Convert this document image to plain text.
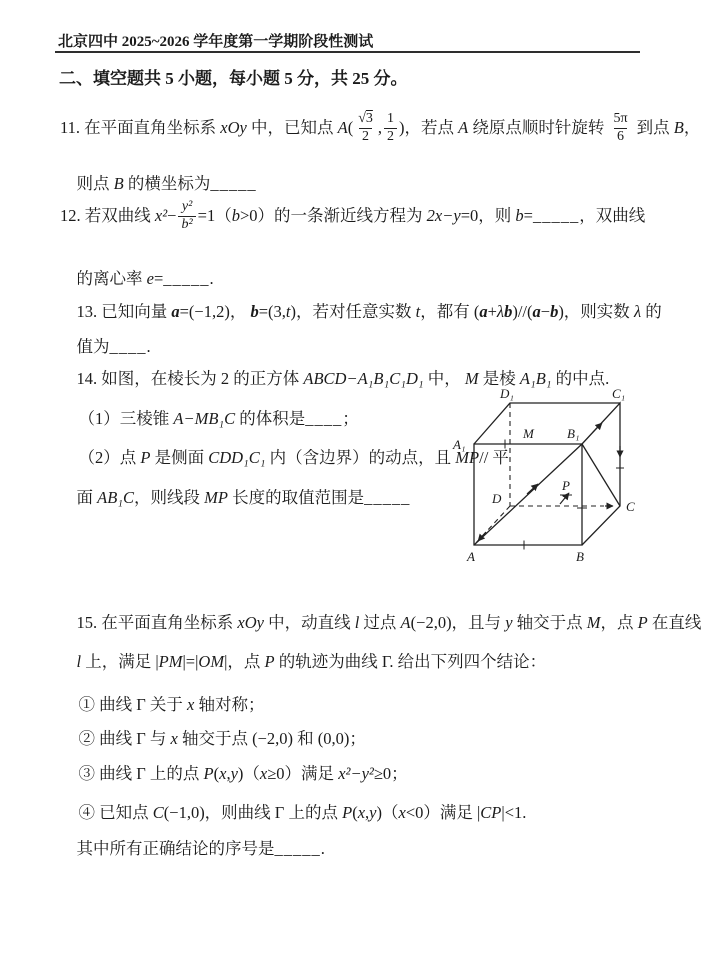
北京四中 2025~2026 学年度第一学期阶段性测试
二、填空题共 5 小题，每小题 5 分，共 25 分。
11. 在平面直角坐标系 xOy 中，已知点 A ( $\frac{√ 3}{2}$ , $\frac{1}{2}$ )，若点 A 绕原点顺时针旋转 $\frac{5\pi}{6}$ 到点 B ，

则点 B 的横坐标为_____

12. 若双曲线 $x^2 - \frac{\text{y²}}{\text{b²}} =1$（ b >0）的一条渐近线方程为 2x−y =0，则 b = _____ ，双曲线

的离心率 e=_____.

13. 已知向量 a=(−1,2)， b=(3,t)，若对任意实数 t，都有 (a+λb)//(a−b)，则实数 λ 的

值为____.

14. 如图，在棱长为 2 的正方体 ABCD−A₁B₁C₁D₁ 中， M 是棱 A₁B₁ 的中点.

（1）三棱锥 A−MB₁C 的体积是____；

（2）点 P 是侧面 CDD₁C₁ 内（含边界）的动点，且 MP// 平

面 AB₁C，则线段 MP 长度的取值范围是_____

D₁	C₁
A₁
M	B₁
D
P
A	B
C

15. 在平面直角坐标系 xOy 中，动直线 l 过点 A(−2,0)，且与 y 轴交于点 M，点 P 在直线

l 上，满足 |PM|=|OM|，点 P 的轨迹为曲线 Γ. 给出下列四个结论：

① 曲线 Γ 关于 x 轴对称；

② 曲线 Γ 与 x 轴交于点 (−2,0) 和 (0,0)；

③ 曲线 Γ 上的点 P(x,y)（x≥0）满足 x²−y²≥0；

④ 已知点 C(−1,0)，则曲线 Γ 上的点 P(x,y)（x<0）满足 |CP|<1.

其中所有正确结论的序号是_____.
